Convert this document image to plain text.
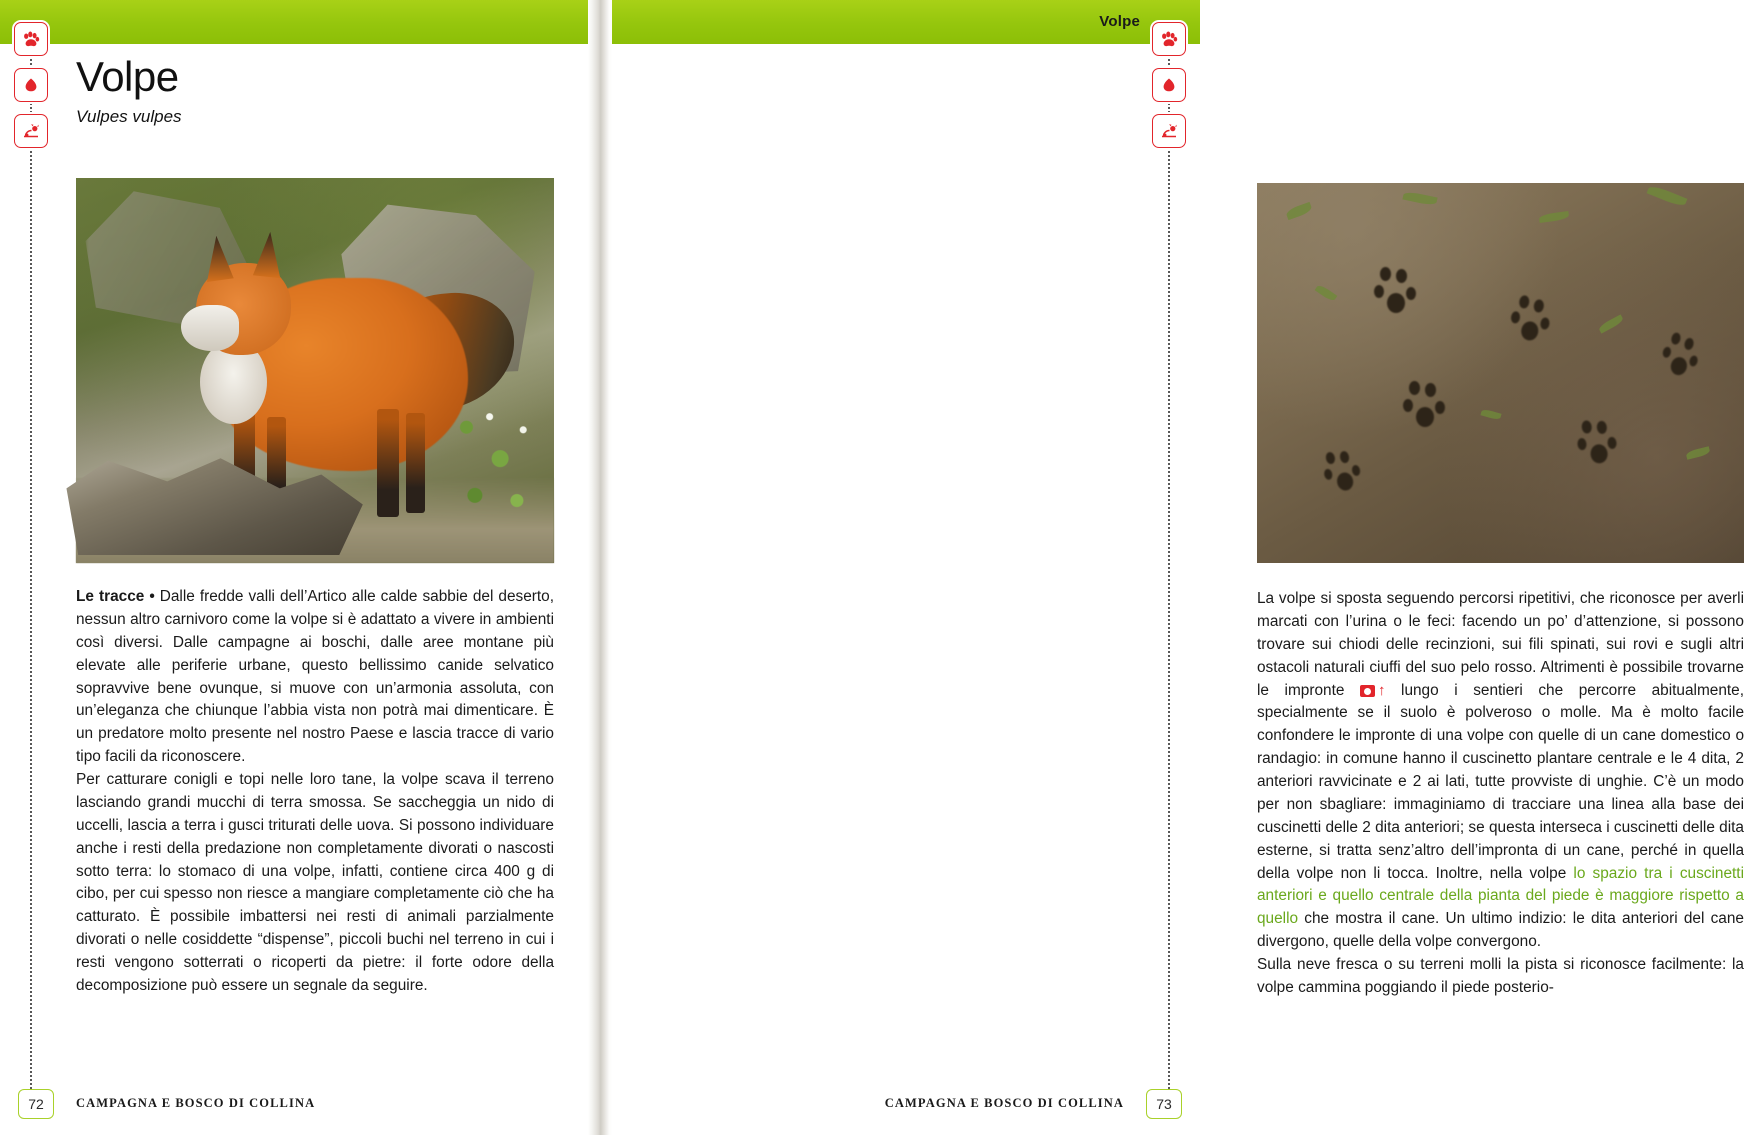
Volpe
Vulpes vulpes

Le tracce • Dalle fredde valli dell’Artico alle calde sabbie del deserto, nessun altro carnivoro come la volpe si è adattato a vivere in ambienti così diversi. Dalle campagne ai boschi, dalle aree montane più elevate alle periferie urbane, questo bellissimo canide selvatico sopravvive bene ovunque, si muove con un’armonia assoluta, con un’eleganza che chiunque l’abbia vista non potrà mai dimenticare. È un predatore molto presente nel nostro Paese e lascia tracce di vario tipo facili da riconoscere.

Per catturare conigli e topi nelle loro tane, la volpe scava il terreno lasciando grandi mucchi di terra smossa. Se saccheggia un nido di uccelli, lascia a terra i gusci triturati delle uova. Si possono individuare anche i resti della predazione non completamente divorati o nascosti sotto terra: lo stomaco di una volpe, infatti, contiene circa 400 g di cibo, per cui spesso non riesce a mangiare completamente ciò che ha catturato. È possibile imbattersi nei resti di animali parzialmente divorati o nelle cosiddette “dispense”, piccoli buchi nel terreno in cui i resti vengono sotterrati o ricoperti da pietre: il forte odore della decomposizione può essere un segnale da seguire.

CAMPAGNA E BOSCO DI COLLINA
72
Volpe

La volpe si sposta seguendo percorsi ripetitivi, che riconosce per averli marcati con l’urina o le feci: facendo un po’ d’attenzione, si possono trovare sui chiodi delle recinzioni, sui fili spinati, sui rovi e sugli altri ostacoli naturali ciuffi del suo pelo rosso. Altrimenti è possibile trovarne le impronte ↑ lungo i sentieri che percorre abitualmente, specialmente se il suolo è polveroso o molle. Ma è molto facile confondere le impronte di una volpe con quelle di un cane domestico o randagio: in comune hanno il cuscinetto plantare centrale e le 4 dita, 2 anteriori ravvicinate e 2 ai lati, tutte provviste di unghie. C’è un modo per non sbagliare: immaginiamo di tracciare una linea alla base dei cuscinetti delle 2 dita anteriori; se questa interseca i cuscinetti delle dita esterne, si tratta senz’altro dell’impronta di un cane, perché in quella della volpe non li tocca. Inoltre, nella volpe lo spazio tra i cuscinetti anteriori e quello centrale della pianta del piede è maggiore rispetto a quello che mostra il cane. Un ultimo indizio: le dita anteriori del cane divergono, quelle della volpe convergono.

Sulla neve fresca o su terreni molli la pista si riconosce facilmente: la volpe cammina poggiando il piede posterio-

CAMPAGNA E BOSCO DI COLLINA	73
